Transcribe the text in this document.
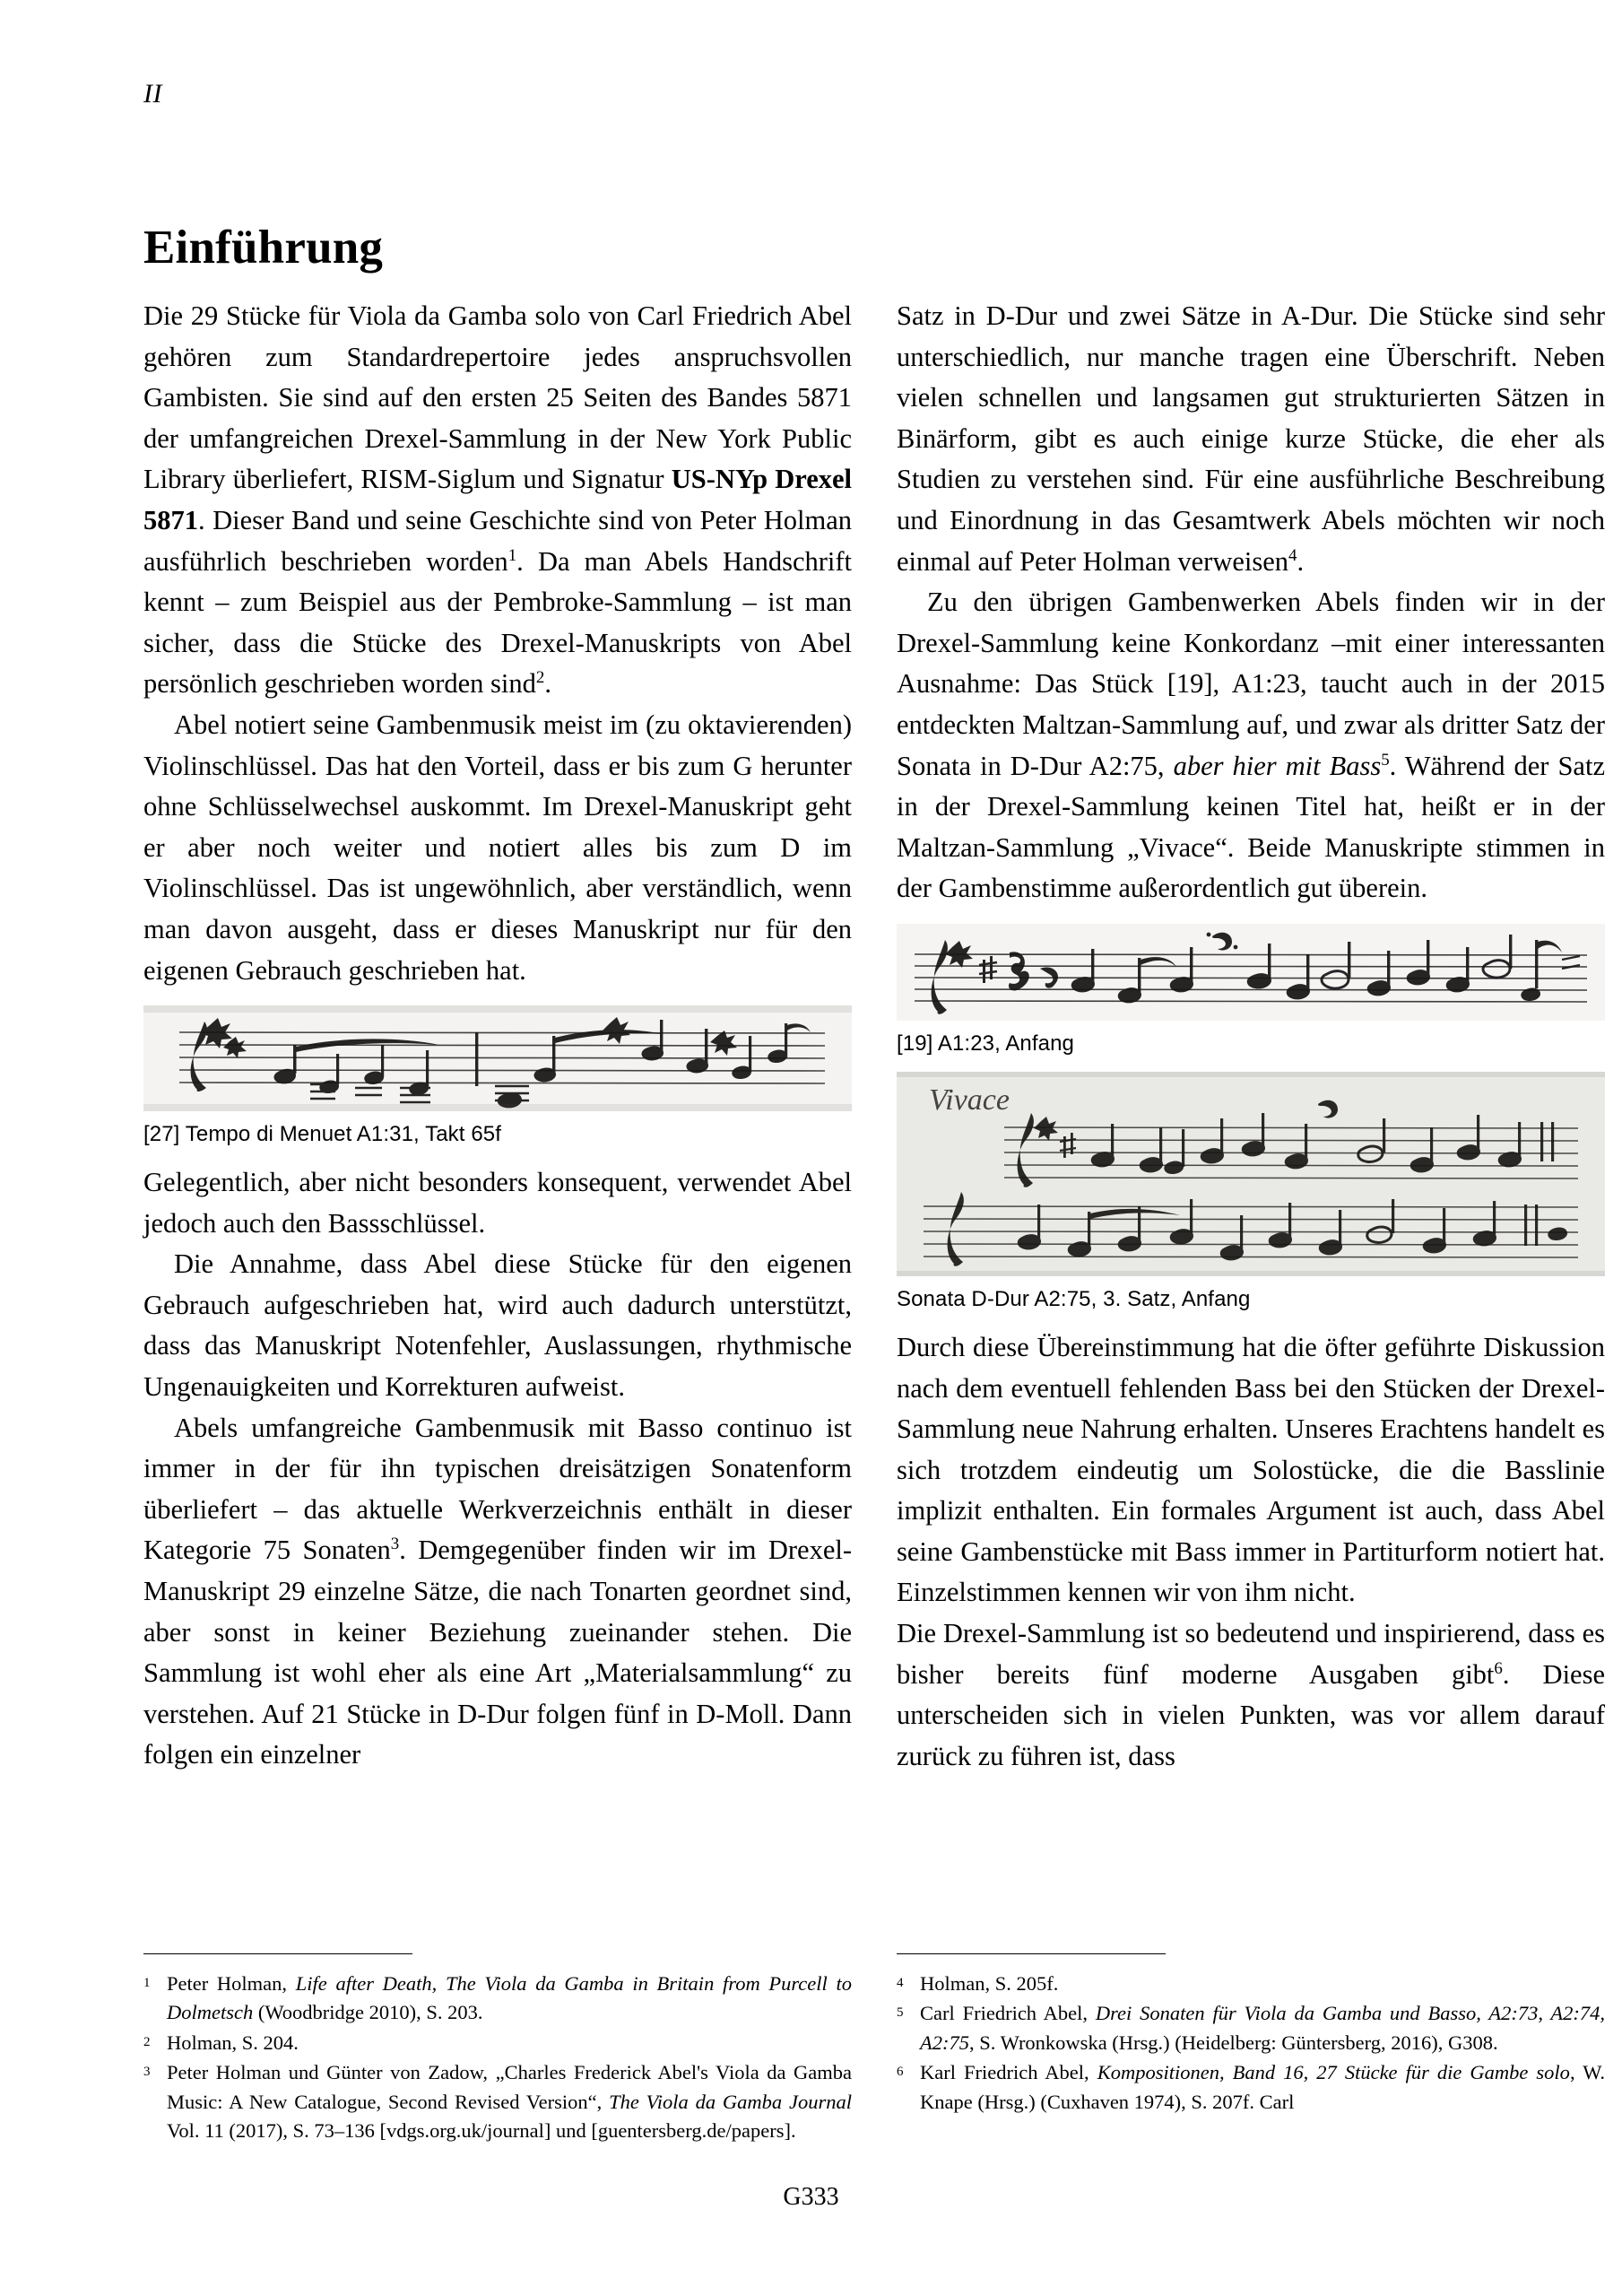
II
Einführung

Die 29 Stücke für Viola da Gamba solo von Carl Friedrich Abel gehören zum Standardrepertoire jedes anspruchsvollen Gambisten. Sie sind auf den ersten 25 Seiten des Bandes 5871 der umfangreichen Drexel-Sammlung in der New York Public Library überliefert, RISM-Siglum und Signatur US-NYp Drexel 5871. Dieser Band und seine Geschichte sind von Peter Holman ausführlich beschrieben worden$^1$. Da man Abels Handschrift kennt – zum Beispiel aus der Pembroke-Sammlung – ist man sicher, dass die Stücke des Drexel-Manuskripts von Abel persönlich geschrieben worden sind$^2$.

Abel notiert seine Gambenmusik meist im (zu oktavierenden) Violinschlüssel. Das hat den Vorteil, dass er bis zum G herunter ohne Schlüsselwechsel auskommt. Im Drexel-Manuskript geht er aber noch weiter und notiert alles bis zum D im Violinschlüssel. Das ist ungewöhnlich, aber verständlich, wenn man davon ausgeht, dass er dieses Manuskript nur für den eigenen Gebrauch geschrieben hat.

[27] Tempo di Menuet A1:31, Takt 65f

Gelegentlich, aber nicht besonders konsequent, verwendet Abel jedoch auch den Bassschlüssel.

Die Annahme, dass Abel diese Stücke für den eigenen Gebrauch aufgeschrieben hat, wird auch dadurch unterstützt, dass das Manuskript Notenfehler, Auslassungen, rhythmische Ungenauigkeiten und Korrekturen aufweist.

Abels umfangreiche Gambenmusik mit Basso continuo ist immer in der für ihn typischen dreisätzigen Sonatenform überliefert – das aktuelle Werkverzeichnis enthält in dieser Kategorie 75 Sonaten$^3$. Demgegenüber finden wir im Drexel-Manuskript 29 einzelne Sätze, die nach Tonarten geordnet sind, aber sonst in keiner Beziehung zueinander stehen. Die Sammlung ist wohl eher als eine Art „Materialsammlung“ zu verstehen. Auf 21 Stücke in D-Dur folgen fünf in D-Moll. Dann folgen ein einzelner

Satz in D-Dur und zwei Sätze in A-Dur. Die Stücke sind sehr unterschiedlich, nur manche tragen eine Überschrift. Neben vielen schnellen und langsamen gut strukturierten Sätzen in Binärform, gibt es auch einige kurze Stücke, die eher als Studien zu verstehen sind. Für eine ausführliche Beschreibung und Einordnung in das Gesamtwerk Abels möchten wir noch einmal auf Peter Holman verweisen$^4$.

Zu den übrigen Gambenwerken Abels finden wir in der Drexel-Sammlung keine Konkordanz –mit einer interessanten Ausnahme: Das Stück [19], A1:23, taucht auch in der 2015 entdeckten Maltzan-Sammlung auf, und zwar als dritter Satz der Sonata in D-Dur A2:75, aber hier mit Bass$^5$. Während der Satz in der Drexel-Sammlung keinen Titel hat, heißt er in der Maltzan-Sammlung „Vivace“. Beide Manuskripte stimmen in der Gambenstimme außerordentlich gut überein.

[19] A1:23, Anfang
Vivace
Sonata D-Dur A2:75, 3. Satz, Anfang

Durch diese Übereinstimmung hat die öfter geführte Diskussion nach dem eventuell fehlenden Bass bei den Stücken der Drexel-Sammlung neue Nahrung erhalten. Unseres Erachtens handelt es sich trotzdem eindeutig um Solostücke, die die Basslinie implizit enthalten. Ein formales Argument ist auch, dass Abel seine Gambenstücke mit Bass immer in Partiturform notiert hat. Einzelstimmen kennen wir von ihm nicht.

Die Drexel-Sammlung ist so bedeutend und inspirierend, dass es bisher bereits fünf moderne Ausgaben gibt$^6$. Diese unterscheiden sich in vielen Punkten, was vor allem darauf zurück zu führen ist, dass

1 Peter Holman, Life after Death, The Viola da Gamba in Britain from Purcell to Dolmetsch (Woodbridge 2010), S. 203.
2 Holman, S. 204.
3 Peter Holman und Günter von Zadow, „Charles Frederick Abel's Viola da Gamba Music: A New Catalogue, Second Revised Version“, The Viola da Gamba Journal Vol. 11 (2017), S. 73–136 [vdgs.org.uk/journal] und [guentersberg.de/papers].
4 Holman, S. 205f.
5 Carl Friedrich Abel, Drei Sonaten für Viola da Gamba und Basso, A2:73, A2:74, A2:75, S. Wronkowska (Hrsg.) (Heidelberg: Güntersberg, 2016), G308.
6 Karl Friedrich Abel, Kompositionen, Band 16, 27 Stücke für die Gambe solo, W. Knape (Hrsg.) (Cuxhaven 1974), S. 207f. Carl
G333
